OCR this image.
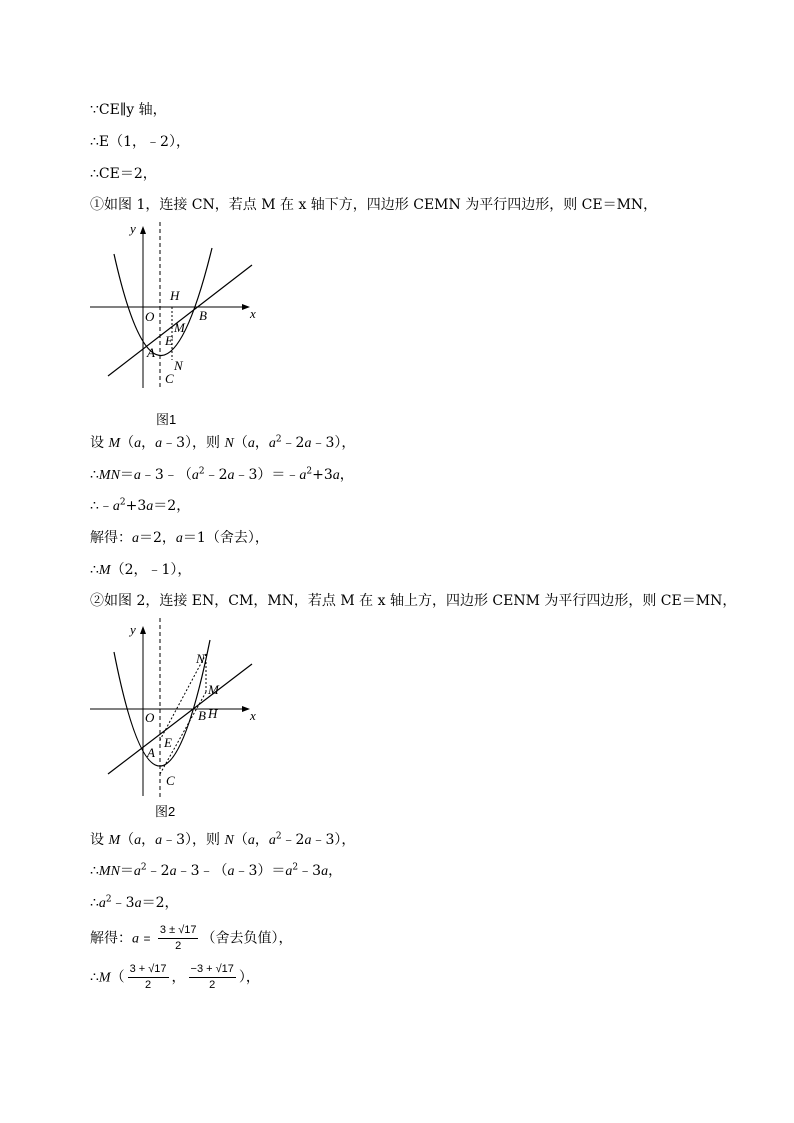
∵CE∥y 轴，
∴E（1，﹣2），
∴CE＝2，
①如图 1，连接 CN，若点 M 在 x 轴下方，四边形 CEMN 为平行四边形，则 CE＝MN，
y
x
O
H
B
M
E
A
N
C
图1
设 M（a，a﹣3），则 N（a，$a^2﹣2a﹣3$），
$\therefore MN=a﹣3﹣(a^2﹣2a﹣3)=﹣a^2+3a$，
$\therefore﹣a^2+3a=2$，
解得：a＝2，a＝1（舍去），
∴M（2，﹣1），
②如图 2，连接 EN，CM，MN，若点 M 在 x 轴上方，四边形 CENM 为平行四边形，则 CE＝MN，
y
x
O
N
M
B H
E
A
C
图2
设 M（a，a﹣3），则 N（a，$a^2﹣2a﹣3$），
$\therefore MN=a^2﹣2a﹣3﹣(a﹣3)=a^2﹣3a$，
$\therefore a^2﹣3a=2$，
解得：$a = \frac{3 \pm √17}{2}$ （舍去负值），
∴M（ $\frac{3 + √17}{2}$ ， $\frac{-3 + √17}{2}$ ），
